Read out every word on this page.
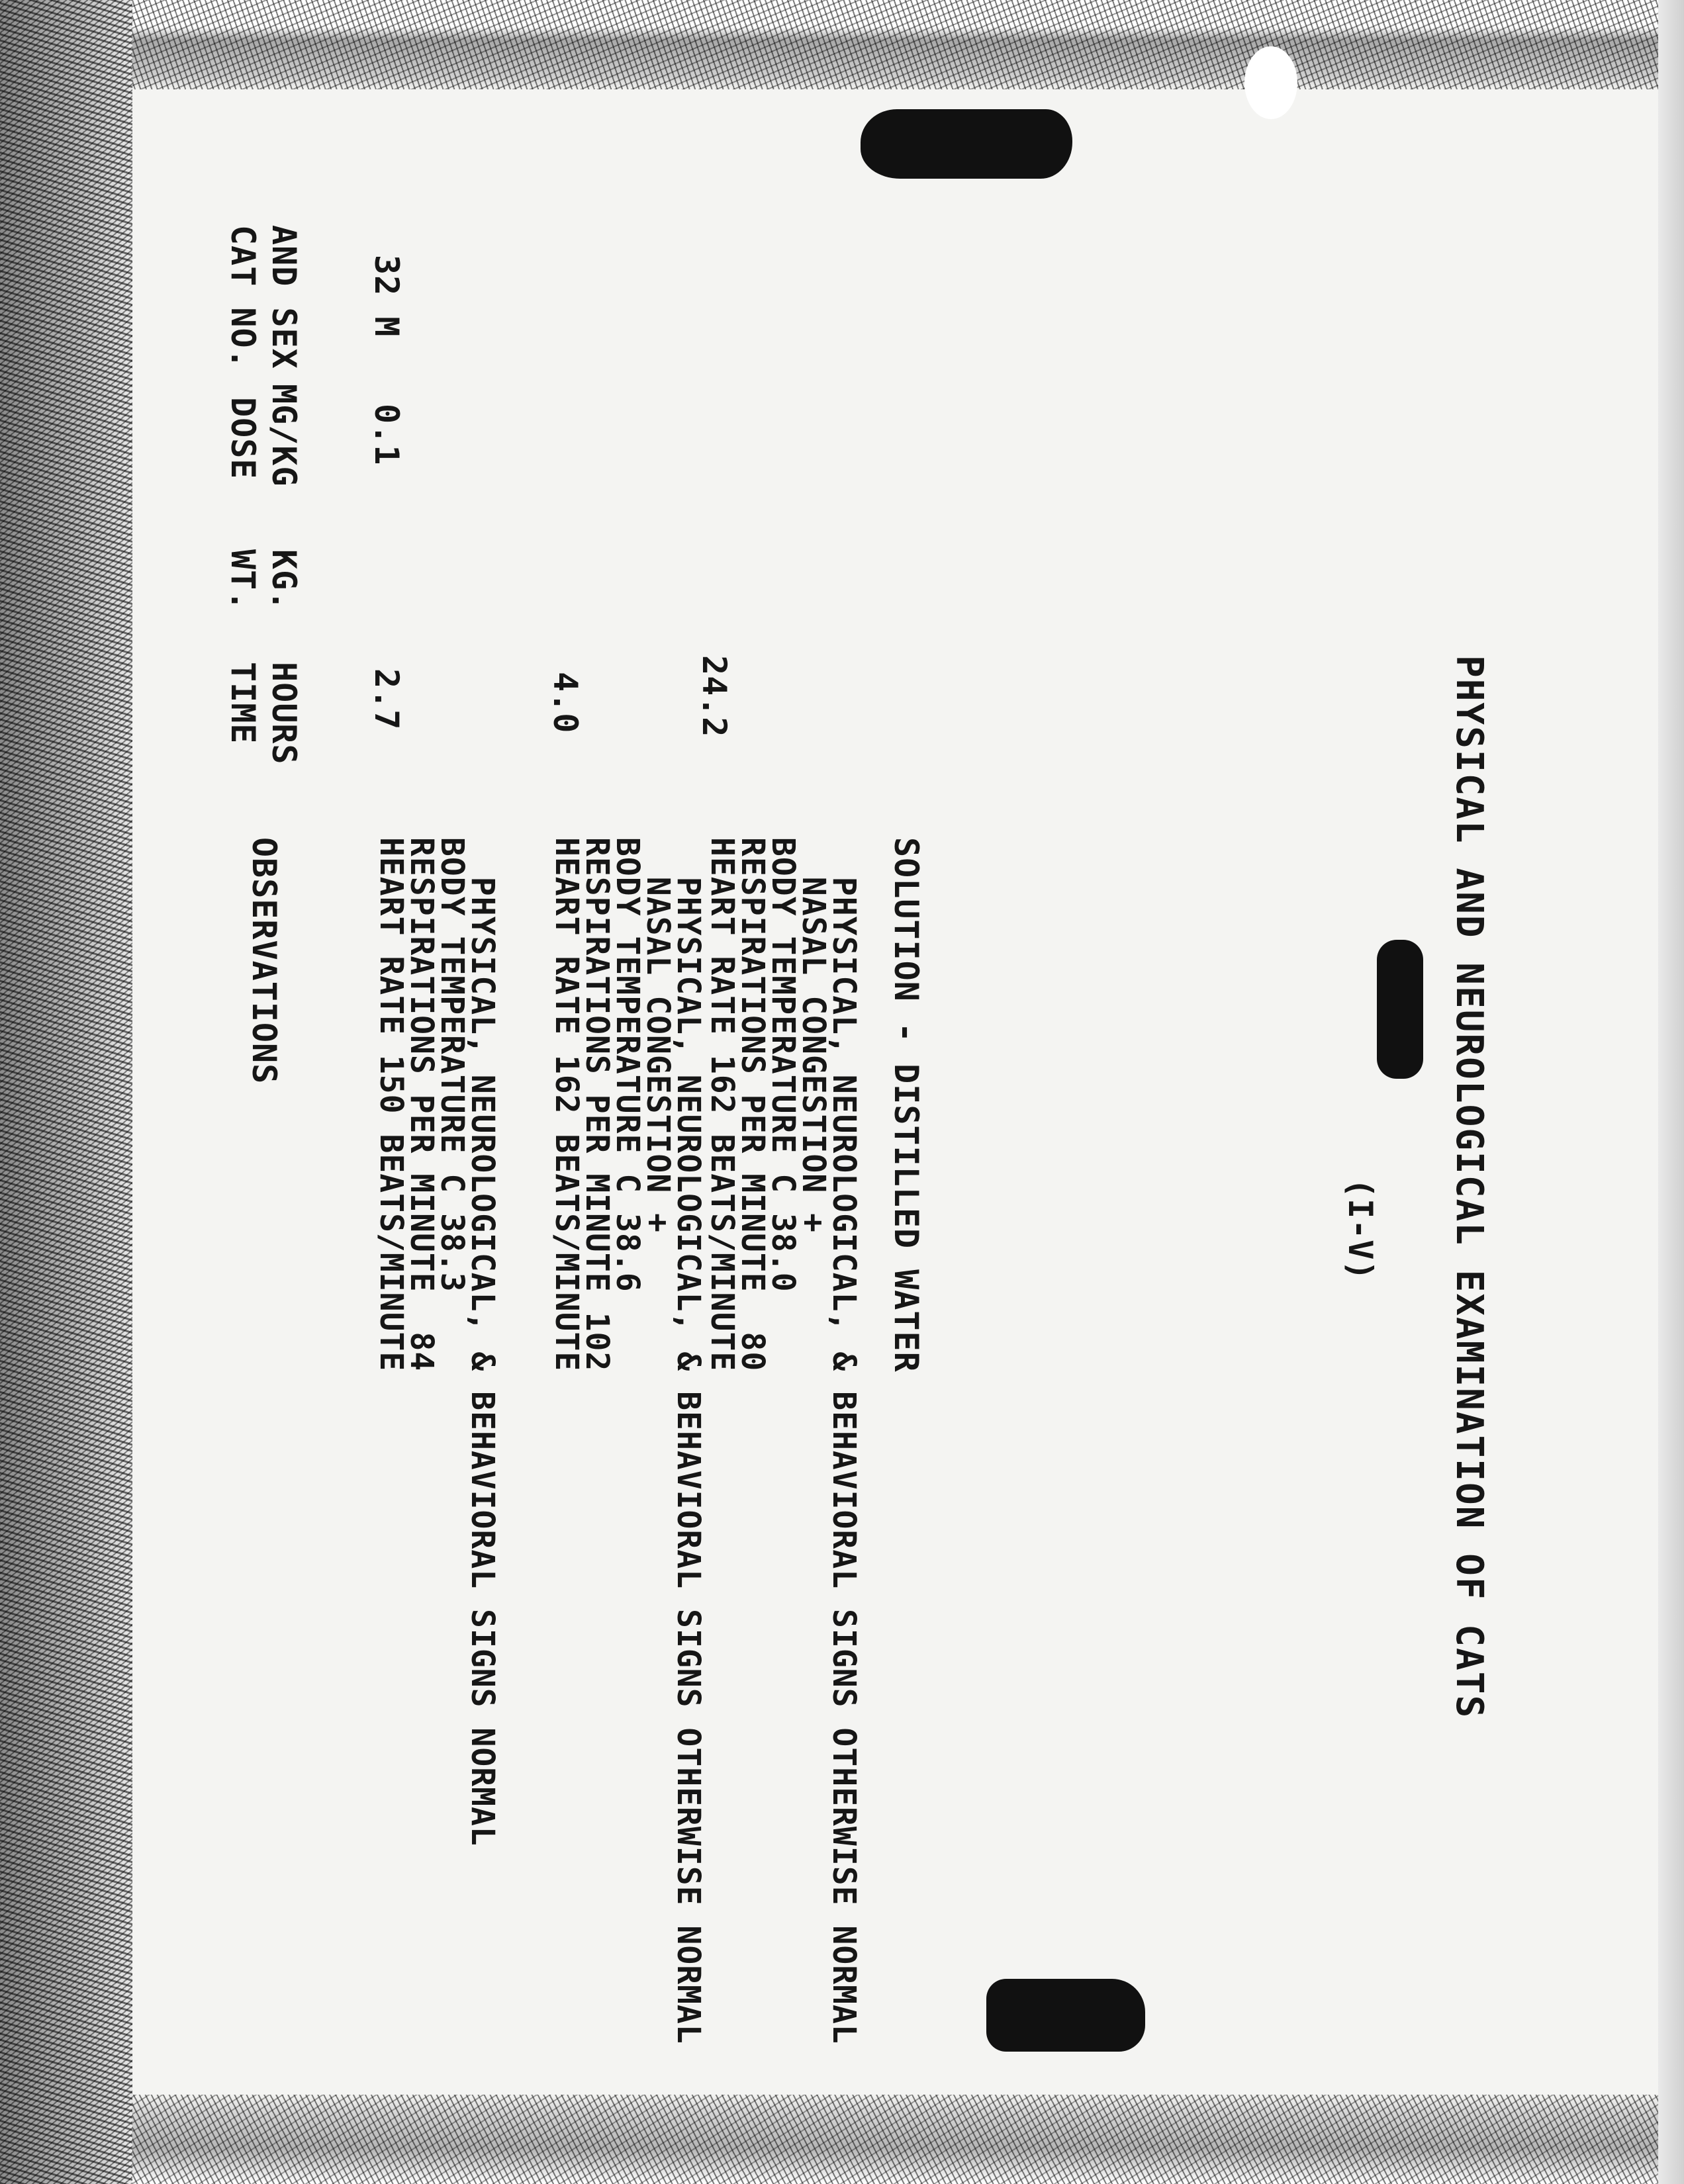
PHYSICAL AND NEUROLOGICAL EXAMINATION OF CATS
(I-V)
CAT NO. AND SEX
DOSE MG/KG
WT. KG.
TIME HOURS
OBSERVATIONS
32 M
0.1
2.7	4.0	24.2
HEART RATE 150 BEATS/MINUTE
RESPIRATIONS PER MINUTE  84
BODY TEMPERATURE C 38.3
PHYSICAL, NEUROLOGICAL, & BEHAVIORAL SIGNS NORMAL HEART RATE 162 BEATS/MINUTE
RESPIRATIONS PER MINUTE 102
BODY TEMPERATURE C 38.6
NASAL CONGESTION +
PHYSICAL, NEUROLOGICAL, & BEHAVIORAL SIGNS OTHERWISE NORMAL
HEART RATE 162 BEATS/MINUTE
RESPIRATIONS PER MINUTE  80
BODY TEMPERATURE C 38.0
NASAL CONGESTION +
PHYSICAL, NEUROLOGICAL, & BEHAVIORAL SIGNS OTHERWISE NORMAL SOLUTION - DISTILLED WATER
